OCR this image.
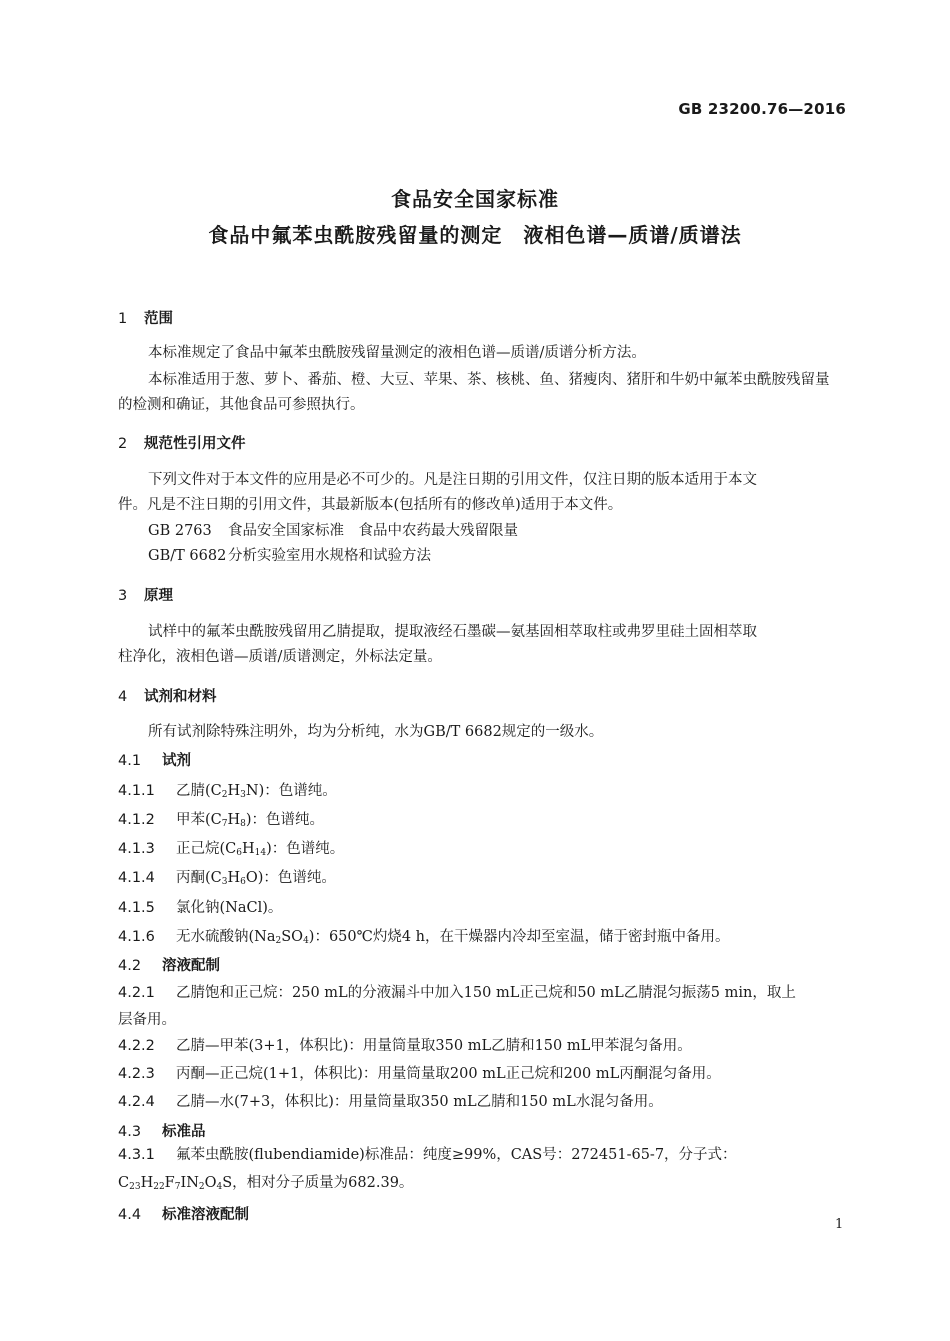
GB 23200.76—2016
食品安全国家标准
食品中氟苯虫酰胺残留量的测定　液相色谱—质谱/质谱法
1 范围
本标准规定了食品中氟苯虫酰胺残留量测定的液相色谱—质谱/质谱分析方法。
本标准适用于葱、萝卜、番茄、橙、大豆、苹果、茶、核桃、鱼、猪瘦肉、猪肝和牛奶中氟苯虫酰胺残留量
的检测和确证，其他食品可参照执行。
2 规范性引用文件
下列文件对于本文件的应用是必不可少的。凡是注日期的引用文件，仅注日期的版本适用于本文
件。凡是不注日期的引用文件，其最新版本(包括所有的修改单)适用于本文件。
GB 2763 食品安全国家标准　食品中农药最大残留限量
GB/T 6682 分析实验室用水规格和试验方法
3 原理
试样中的氟苯虫酰胺残留用乙腈提取，提取液经石墨碳—氨基固相萃取柱或弗罗里硅土固相萃取
柱净化，液相色谱—质谱/质谱测定，外标法定量。
4 试剂和材料
所有试剂除特殊注明外，均为分析纯，水为GB/T 6682规定的一级水。
4.1 试剂
4.1.1 乙腈$(C_2H_3N)$：色谱纯。
4.1.2 甲苯$(C_7H_8)$：色谱纯。
4.1.3 正己烷$(C_6H_{14})$：色谱纯。
4.1.4 丙酮$(C_3H_6O)$：色谱纯。
4.1.5 氯化钠(NaCl)。
4.1.6 无水硫酸钠$(Na_2SO_4)$：650℃灼烧4 h，在干燥器内冷却至室温，储于密封瓶中备用。
4.2 溶液配制
4.2.1 乙腈饱和正己烷：250 mL的分液漏斗中加入150 mL正己烷和50 mL乙腈混匀振荡5 min，取上
层备用。
4.2.2 乙腈—甲苯(3+1，体积比)：用量筒量取350 mL乙腈和150 mL甲苯混匀备用。
4.2.3 丙酮—正己烷(1+1，体积比)：用量筒量取200 mL正己烷和200 mL丙酮混匀备用。
4.2.4 乙腈—水(7+3，体积比)：用量筒量取350 mL乙腈和150 mL水混匀备用。
4.3 标准品
4.3.1 氟苯虫酰胺(flubendiamide)标准品：纯度≥99%，CAS号：272451-65-7，分子式：
$C_{23}H_{22}F_7IN_2O_4S$，相对分子质量为682.39。
4.4 标准溶液配制
1
